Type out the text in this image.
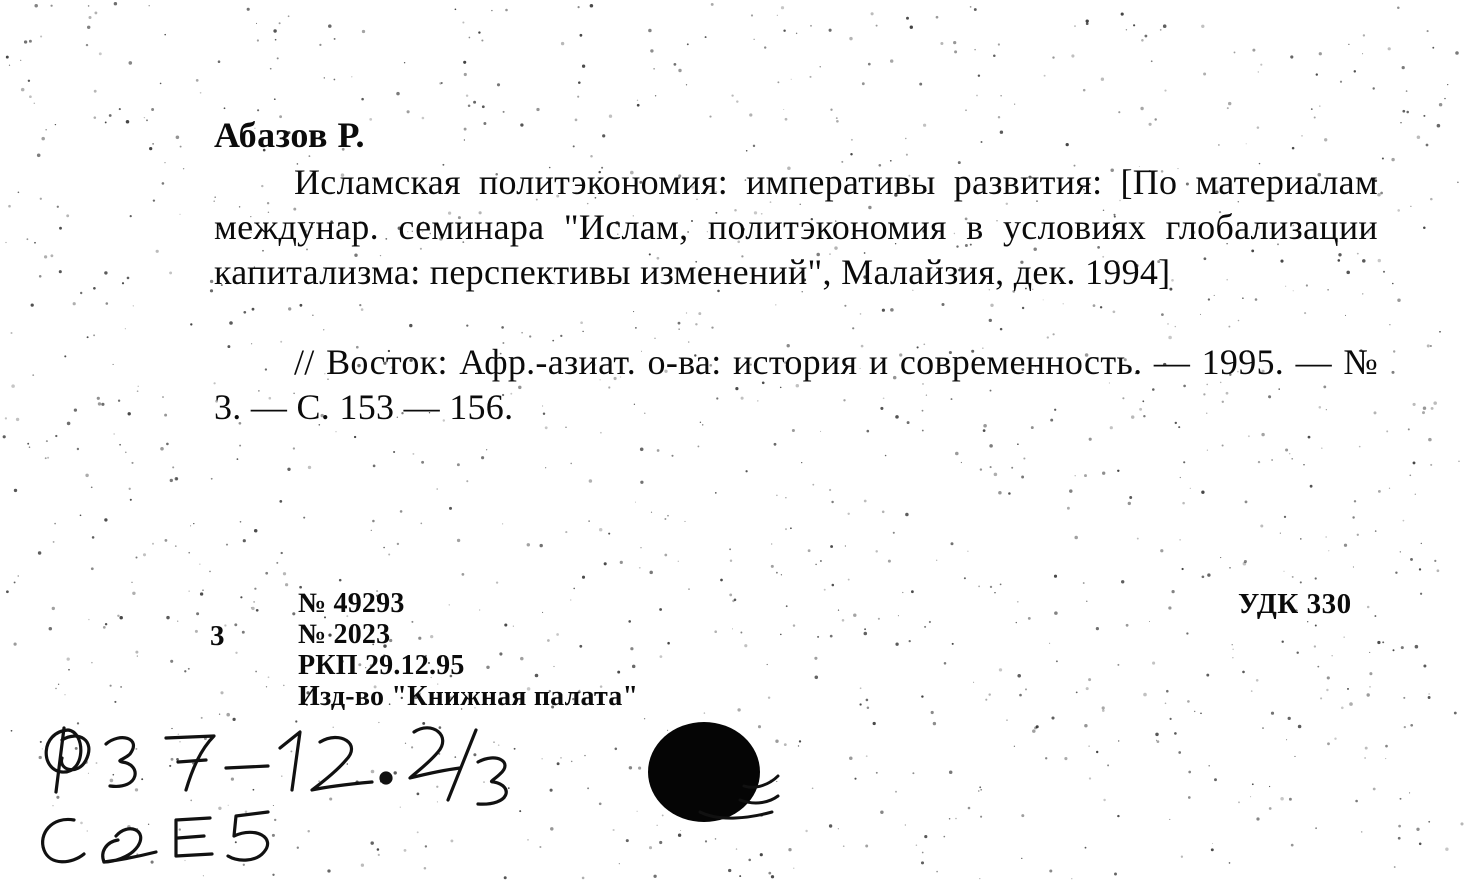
Абазов Р.
Исламская политэкономия: императивы развития: [По материалам междунар. семинара "Ислам, политэкономия в условиях глобализации капитализма: перспективы изменений", Малайзия, дек. 1994]
// Восток: Афр.-азиат. о-ва: история и современность. — 1995. — № 3. — С. 153 — 156.
3
№ 49293
№ 2023
РКП 29.12.95
Изд-во "Книжная палата"
УДК 330
